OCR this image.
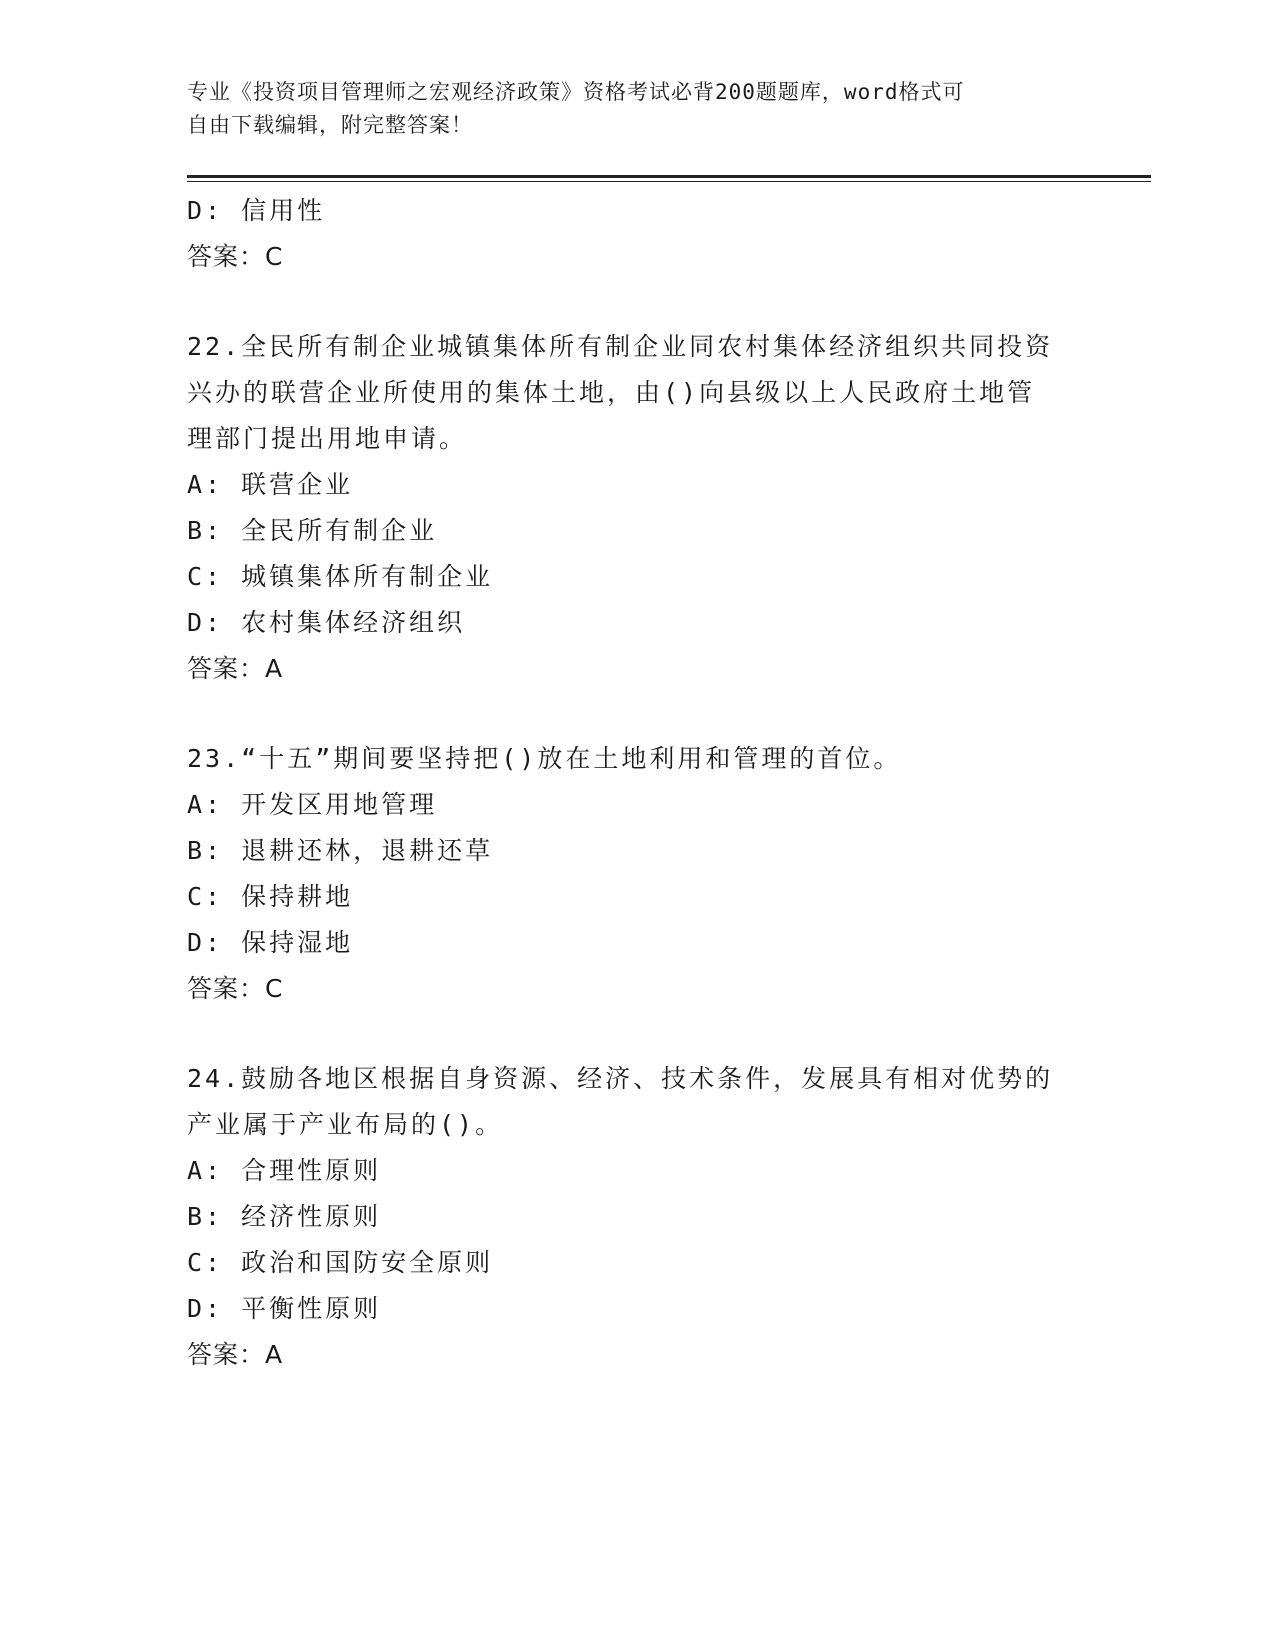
专业《投资项目管理师之宏观经济政策》资格考试必背200题题库，word格式可
自由下载编辑，附完整答案！

D: 信用性

答案：C

22.全民所有制企业城镇集体所有制企业同农村集体经济组织共同投资
兴办的联营企业所使用的集体土地，由()向县级以上人民政府土地管
理部门提出用地申请。

A: 联营企业
B: 全民所有制企业
C: 城镇集体所有制企业
D: 农村集体经济组织

答案：A

23.“十五”期间要坚持把()放在土地利用和管理的首位。

A: 开发区用地管理
B: 退耕还林，退耕还草
C: 保持耕地
D: 保持湿地

答案：C

24.鼓励各地区根据自身资源、经济、技术条件，发展具有相对优势的
产业属于产业布局的()。

A: 合理性原则
B: 经济性原则
C: 政治和国防安全原则
D: 平衡性原则

答案：A
